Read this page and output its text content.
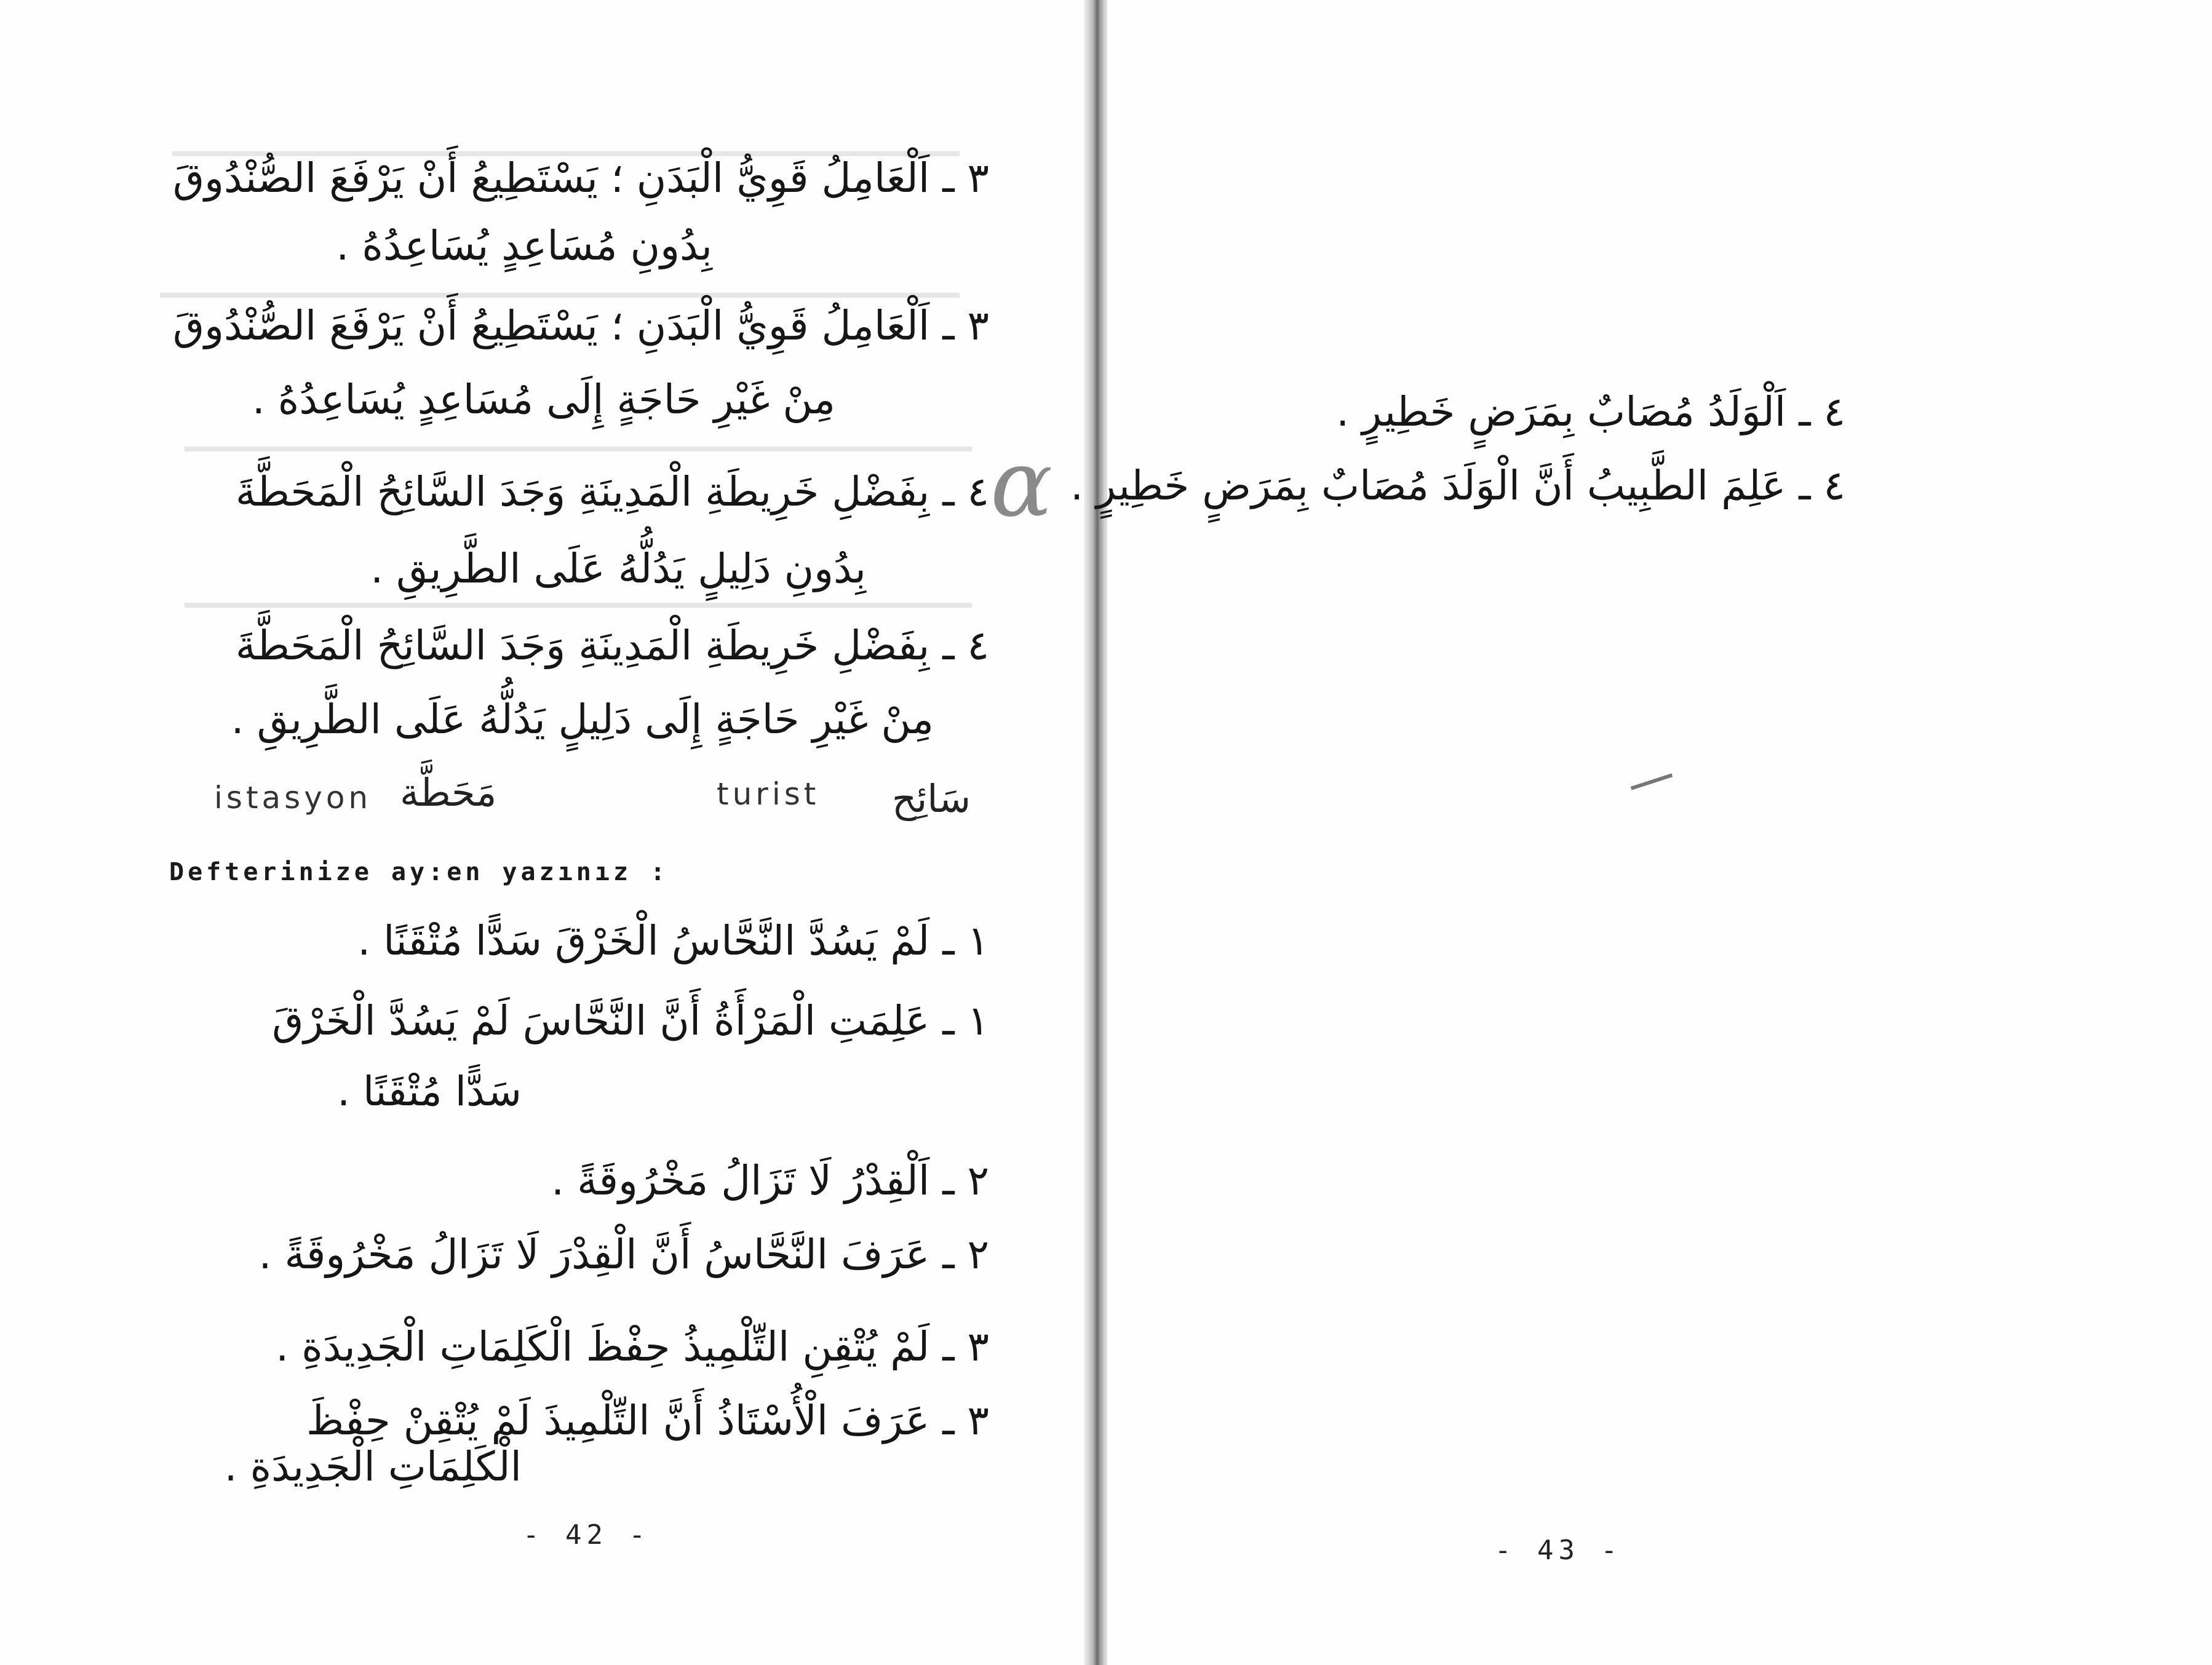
٣ ـ اَلْعَامِلُ قَوِيُّ الْبَدَنِ ؛ يَسْتَطِيعُ أَنْ يَرْفَعَ الصُّنْدُوقَ
بِدُونِ مُسَاعِدٍ يُسَاعِدُهُ .
٣ ـ اَلْعَامِلُ قَوِيُّ الْبَدَنِ ؛ يَسْتَطِيعُ أَنْ يَرْفَعَ الصُّنْدُوقَ
مِنْ غَيْرِ حَاجَةٍ إِلَى مُسَاعِدٍ يُسَاعِدُهُ .
α
٤ ـ بِفَضْلِ خَرِيطَةِ الْمَدِينَةِ وَجَدَ السَّائِحُ الْمَحَطَّةَ
بِدُونِ دَلِيلٍ يَدُلُّهُ عَلَى الطَّرِيقِ .
٤ ـ بِفَضْلِ خَرِيطَةِ الْمَدِينَةِ وَجَدَ السَّائِحُ الْمَحَطَّةَ
مِنْ غَيْرِ حَاجَةٍ إِلَى دَلِيلٍ يَدُلُّهُ عَلَى الطَّرِيقِ .
istasyon مَحَطَّة	turist سَائِح
Defterinize ay:en yazınız :
١ ـ لَمْ يَسُدَّ النَّحَّاسُ الْخَرْقَ سَدًّا مُتْقَنًا .
١ ـ عَلِمَتِ الْمَرْأَةُ أَنَّ النَّحَّاسَ لَمْ يَسُدَّ الْخَرْقَ
سَدًّا مُتْقَنًا .
٢ ـ اَلْقِدْرُ لَا تَزَالُ مَخْرُوقَةً .
٢ ـ عَرَفَ النَّحَّاسُ أَنَّ الْقِدْرَ لَا تَزَالُ مَخْرُوقَةً .
٣ ـ لَمْ يُتْقِنِ التِّلْمِيذُ حِفْظَ الْكَلِمَاتِ الْجَدِيدَةِ .
٣ ـ عَرَفَ الْأُسْتَاذُ أَنَّ التِّلْمِيذَ لَمْ يُتْقِنْ حِفْظَ
الْكَلِمَاتِ الْجَدِيدَةِ .
- 42 -
٤ ـ اَلْوَلَدُ مُصَابٌ بِمَرَضٍ خَطِيرٍ .
٤ ـ عَلِمَ الطَّبِيبُ أَنَّ الْوَلَدَ مُصَابٌ بِمَرَضٍ خَطِيرٍ .
- 43 -
